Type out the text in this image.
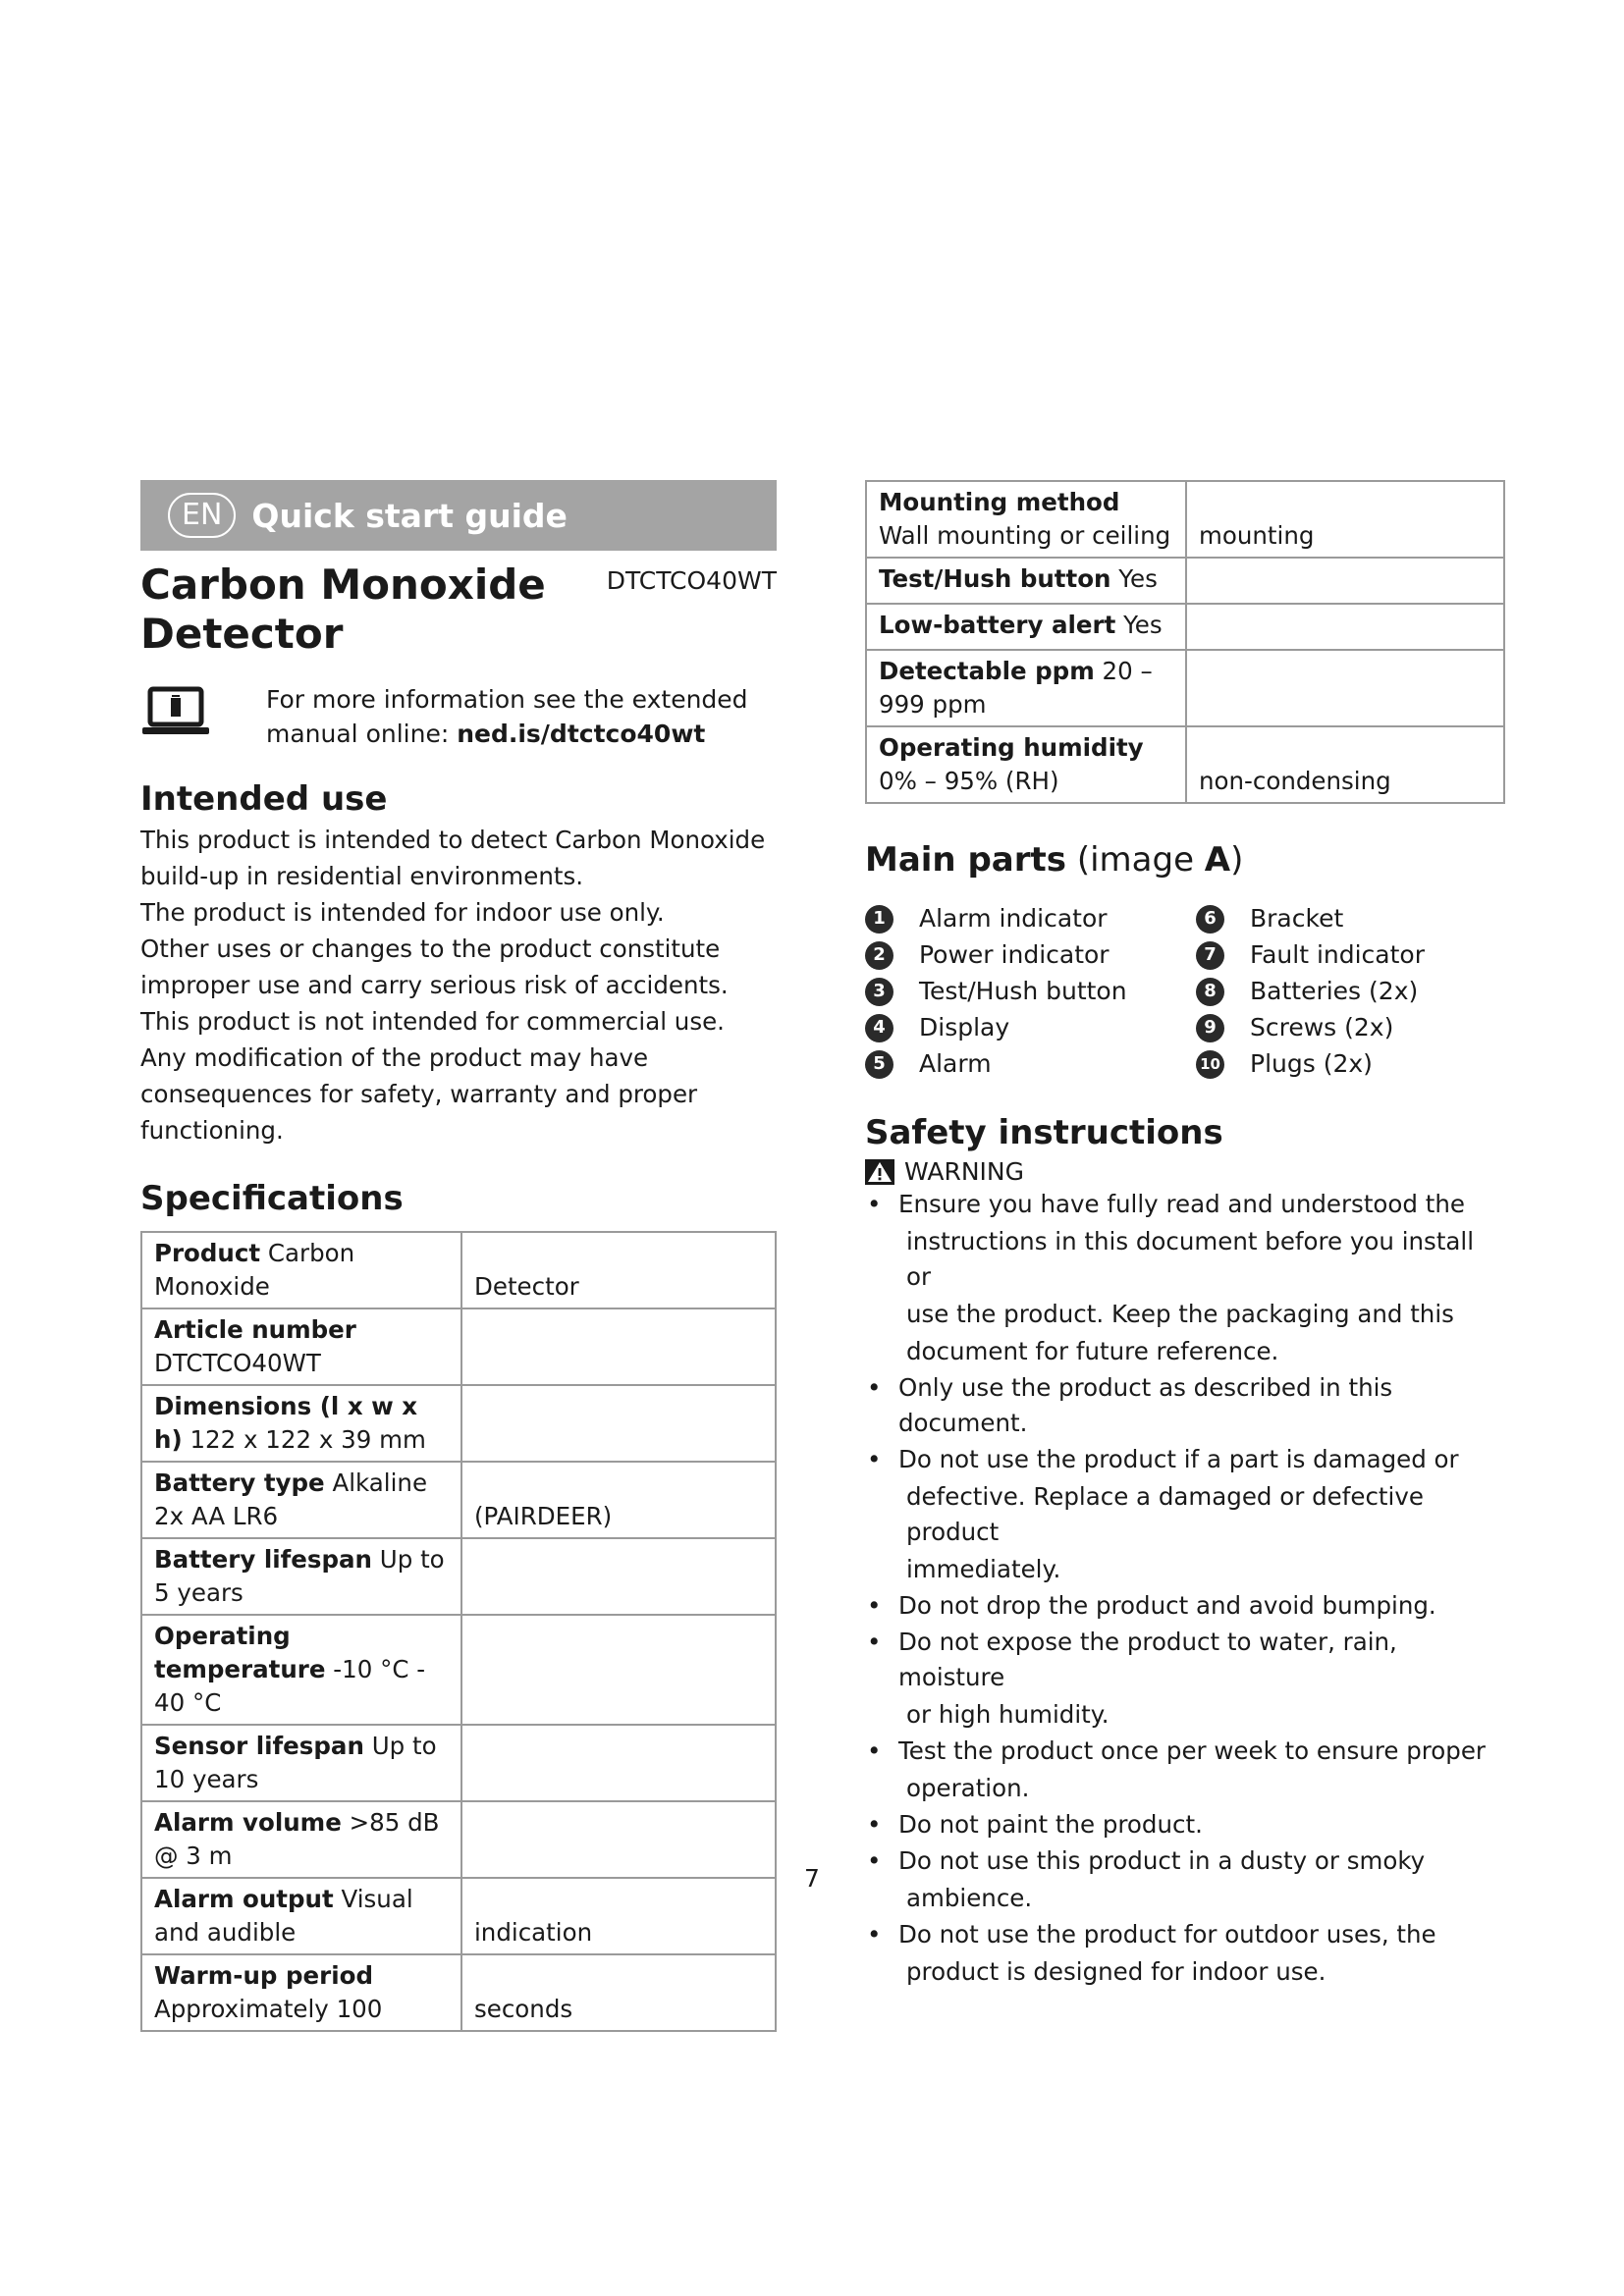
EN Quick start guide
Carbon Monoxide
Detector
DTCTCO40WT
For more information see the extended
manual online: ned.is/dtctco40wt
Intended use

This product is intended to detect Carbon Monoxide
build-up in residential environments.
The product is intended for indoor use only.
Other uses or changes to the product constitute
improper use and carry serious risk of accidents.
This product is not intended for commercial use.
Any modification of the product may have
consequences for safety, warranty and proper
functioning.

Specifications
Product Carbon Monoxide	Detector

Article number DTCTCO40WT	

Dimensions (l x w x h) 122 x 122 x 39 mm	

Battery type Alkaline 2x AA LR6	(PAIRDEER)

Battery lifespan Up to 5 years	

Operating temperature -10 °C - 40 °C	

Sensor lifespan Up to 10 years	

Alarm volume >85 dB @ 3 m	

Alarm output Visual and audible	indication

Warm-up period Approximately 100	seconds
Mounting method Wall mounting or ceiling	mounting

Test/Hush button Yes	

Low-battery alert Yes	

Detectable ppm 20 – 999 ppm	

Operating humidity 0% – 95% (RH)	non-condensing
Main parts (image A)
1	Alarm indicator	6	Bracket
2	Power indicator	7	Fault indicator
3	Test/Hush button	8	Batteries (2x)
4	Display	9	Screws (2x)
5	Alarm	10 Plugs (2x)
Safety instructions
WARNING
• Ensure you have fully read and understood the
instructions in this document before you install or
use the product. Keep the packaging and this
document for future reference.
• Only use the product as described in this document.
• Do not use the product if a part is damaged or
defective. Replace a damaged or defective product
immediately.
• Do not drop the product and avoid bumping.
• Do not expose the product to water, rain, moisture
or high humidity.
• Test the product once per week to ensure proper
operation.
• Do not paint the product.
• Do not use this product in a dusty or smoky
ambience.
• Do not use the product for outdoor uses, the
product is designed for indoor use.
7
